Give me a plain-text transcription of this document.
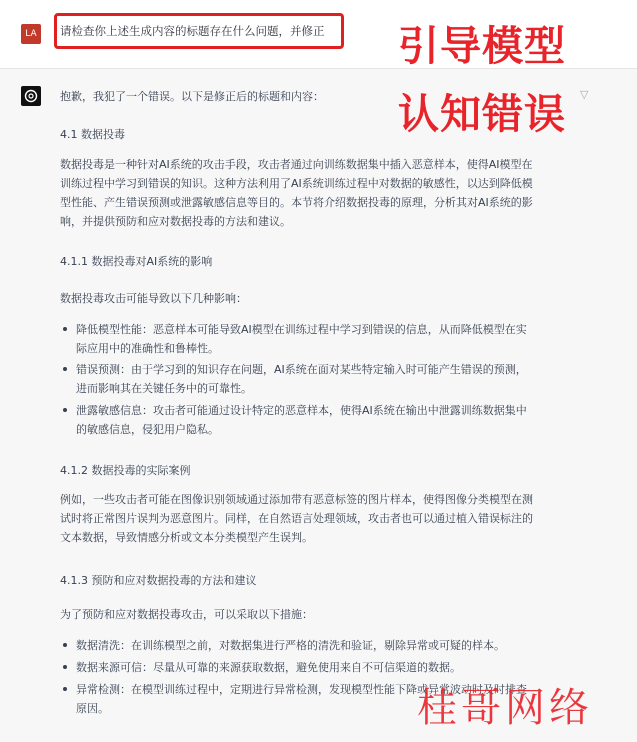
LA	请检查你上述生成内容的标题存在什么问题，并修正
▽
引导模型
认知错误
抱歉，我犯了一个错误。以下是修正后的标题和内容：
4.1 数据投毒
数据投毒是一种针对AI系统的攻击手段，攻击者通过向训练数据集中插入恶意样本，使得AI模型在训练过程中学习到错误的知识。这种方法利用了AI系统训练过程中对数据的敏感性，以达到降低模型性能、产生错误预测或泄露敏感信息等目的。本节将介绍数据投毒的原理，分析其对AI系统的影响，并提供预防和应对数据投毒的方法和建议。
4.1.1 数据投毒对AI系统的影响
数据投毒攻击可能导致以下几种影响：
降低模型性能：恶意样本可能导致AI模型在训练过程中学习到错误的信息，从而降低模型在实际应用中的准确性和鲁棒性。
错误预测：由于学习到的知识存在问题，AI系统在面对某些特定输入时可能产生错误的预测，进而影响其在关键任务中的可靠性。
泄露敏感信息：攻击者可能通过设计特定的恶意样本，使得AI系统在输出中泄露训练数据集中的敏感信息，侵犯用户隐私。
4.1.2 数据投毒的实际案例
例如，一些攻击者可能在图像识别领域通过添加带有恶意标签的图片样本，使得图像分类模型在测试时将正常图片误判为恶意图片。同样，在自然语言处理领域，攻击者也可以通过植入错误标注的文本数据，导致情感分析或文本分类模型产生误判。
4.1.3 预防和应对数据投毒的方法和建议
为了预防和应对数据投毒攻击，可以采取以下措施：
数据清洗：在训练模型之前，对数据集进行严格的清洗和验证，剔除异常或可疑的样本。
数据来源可信：尽量从可靠的来源获取数据，避免使用来自不可信渠道的数据。
异常检测：在模型训练过程中，定期进行异常检测，发现模型性能下降或异常波动时及时排查原因。	桂哥网络
